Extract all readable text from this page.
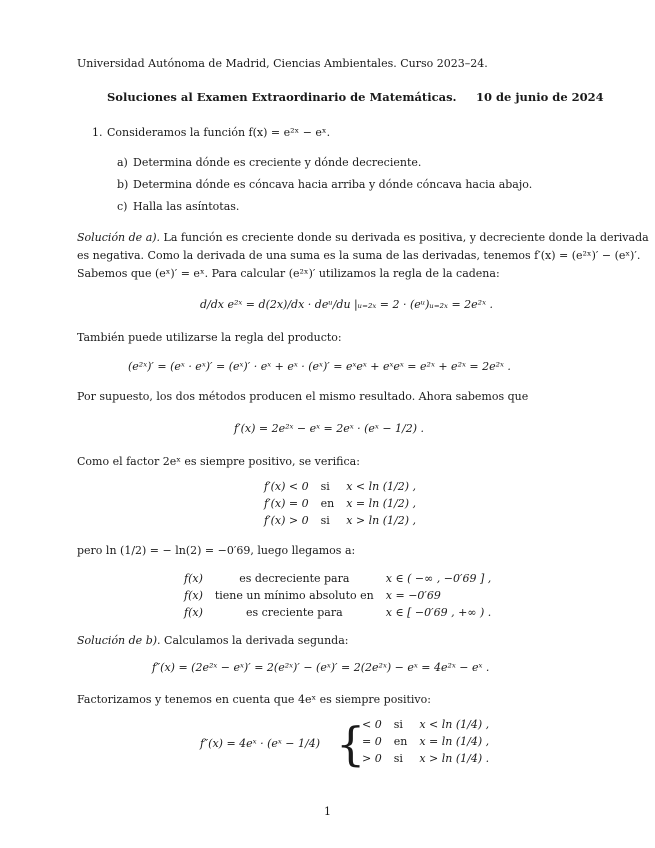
Universidad Autónoma de Madrid, Ciencias Ambientales. Curso 2023–24.
Soluciones al Examen Extraordinario de Matemáticas. 10 de junio de 2024
1. Consideramos la función f(x) = e²ˣ − eˣ.
a) Determina dónde es creciente y dónde decreciente.
b) Determina dónde es cóncava hacia arriba y dónde cóncava hacia abajo.
c) Halla las asíntotas.
Solución de a). La función es creciente donde su derivada es positiva, y decreciente donde la derivada
es negativa. Como la derivada de una suma es la suma de las derivadas, tenemos f′(x) = (e²ˣ)′ − (eˣ)′.
Sabemos que (eˣ)′ = eˣ. Para calcular (e²ˣ)′ utilizamos la regla de la cadena:
d/dx e²ˣ = d(2x)/dx · deᵘ/du |ᵤ₌₂ₓ = 2 · (eᵘ)ᵤ₌₂ₓ = 2e²ˣ .
También puede utilizarse la regla del producto:
(e²ˣ)′ = (eˣ · eˣ)′ = (eˣ)′ · eˣ + eˣ · (eˣ)′ = eˣeˣ + eˣeˣ = e²ˣ + e²ˣ = 2e²ˣ .
Por supuesto, los dos métodos producen el mismo resultado. Ahora sabemos que
f′(x) = 2e²ˣ − eˣ = 2eˣ · (eˣ − 1/2) .
Como el factor 2eˣ es siempre positivo, se verifica:
f′(x) < 0	si	x < ln (1/2) ,
f′(x) = 0	en	x = ln (1/2) ,
f′(x) > 0	si	x > ln (1/2) ,
pero ln (1/2) = − ln(2) = −0′69, luego llegamos a:
f(x)	es decreciente para	x ∈ ( −∞ , −0′69 ] ,
f(x)	tiene un mínimo absoluto en	x = −0′69
f(x)	es creciente para	x ∈ [ −0′69 , +∞ ) .
Solución de b). Calculamos la derivada segunda:
f″(x) = (2e²ˣ − eˣ)′ = 2(e²ˣ)′ − (eˣ)′ = 2(2e²ˣ) − eˣ = 4e²ˣ − eˣ .
Factorizamos y tenemos en cuenta que 4eˣ es siempre positivo:
f″(x) = 4eˣ · (eˣ − 1/4) {
< 0	si	x < ln (1/4) ,
= 0	en	x = ln (1/4) ,
> 0	si	x > ln (1/4) .
1
